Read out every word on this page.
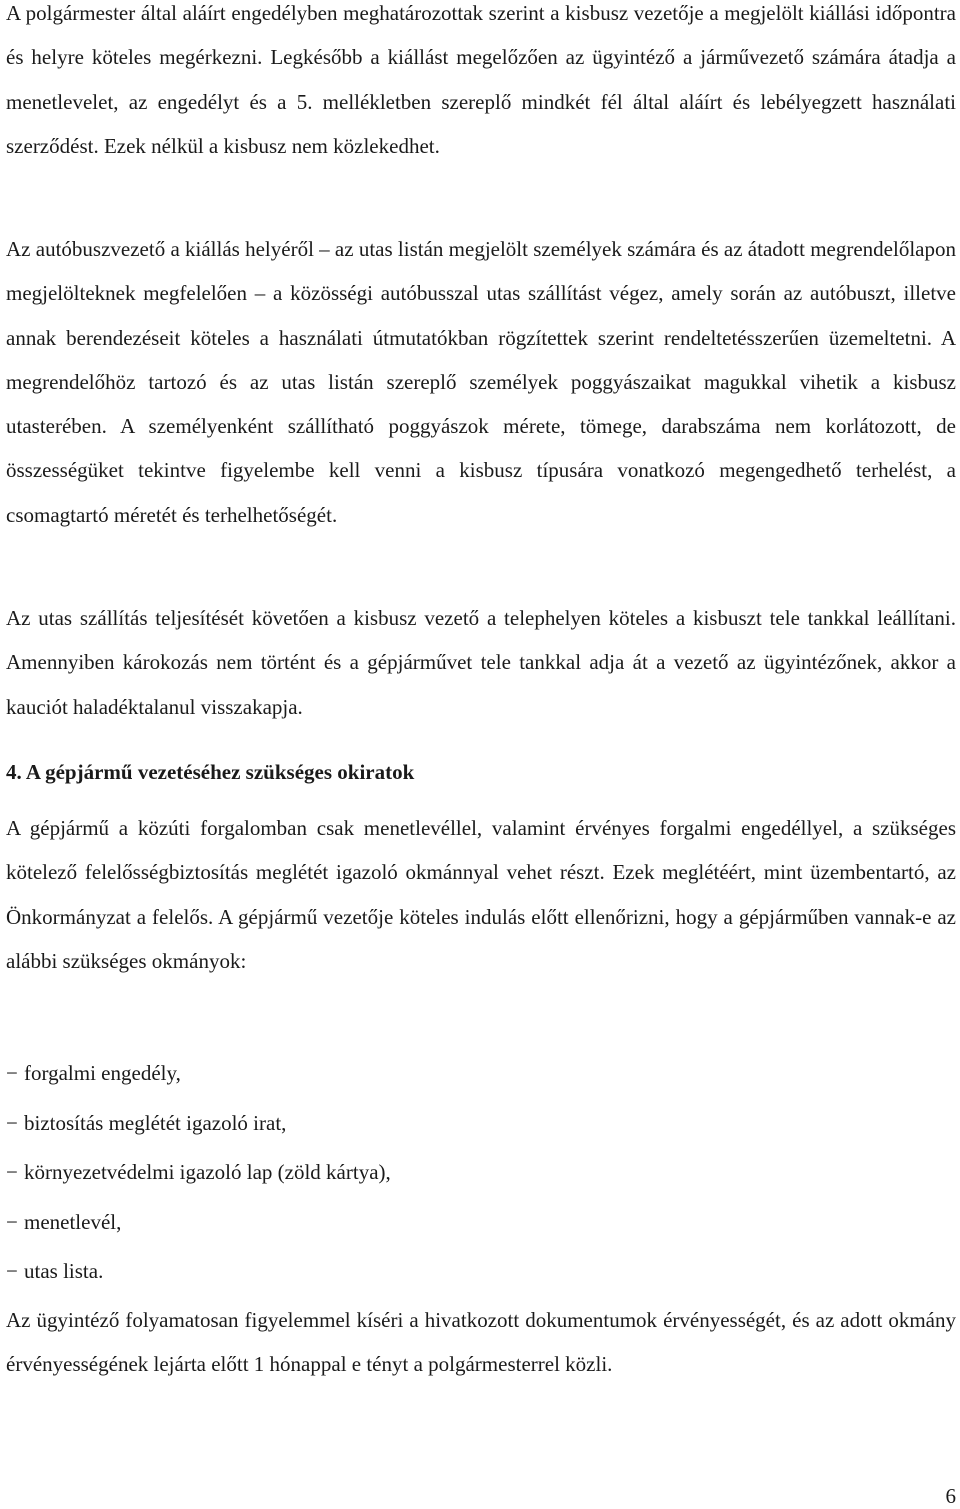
A polgármester által aláírt engedélyben meghatározottak szerint a kisbusz vezetője a megjelölt kiállási időpontra és helyre köteles megérkezni. Legkésőbb a kiállást megelőzően az ügyintéző a járművezető számára átadja a menetlevelet, az engedélyt és a 5. mellékletben szereplő mindkét fél által aláírt és lebélyegzett használati szerződést. Ezek nélkül a kisbusz nem közlekedhet.

Az autóbuszvezető a kiállás helyéről – az utas listán megjelölt személyek számára és az átadott megrendelőlapon megjelölteknek megfelelően – a közösségi autóbusszal utas szállítást végez, amely során az autóbuszt, illetve annak berendezéseit köteles a használati útmutatókban rögzítettek szerint rendeltetésszerűen üzemeltetni. A megrendelőhöz tartozó és az utas listán szereplő személyek poggyászaikat magukkal vihetik a kisbusz utasterében. A személyenként szállítható poggyászok mérete, tömege, darabszáma nem korlátozott, de összességüket tekintve figyelembe kell venni a kisbusz típusára vonatkozó megengedhető terhelést, a csomagtartó méretét és terhelhetőségét.

Az utas szállítás teljesítését követően a kisbusz vezető a telephelyen köteles a kisbuszt tele tankkal leállítani. Amennyiben károkozás nem történt és a gépjárművet tele tankkal adja át a vezető az ügyintézőnek, akkor a kauciót haladéktalanul visszakapja.

4. A gépjármű vezetéséhez szükséges okiratok

A gépjármű a közúti forgalomban csak menetlevéllel, valamint érvényes forgalmi engedéllyel, a szükséges kötelező felelősségbiztosítás meglétét igazoló okmánnyal vehet részt. Ezek meglétéért, mint üzembentartó, az Önkormányzat a felelős. A gépjármű vezetője köteles indulás előtt ellenőrizni, hogy a gépjárműben vannak-e az alábbi szükséges okmányok:

− forgalmi engedély,
− biztosítás meglétét igazoló irat,
− környezetvédelmi igazoló lap (zöld kártya),
− menetlevél,
− utas lista.

Az ügyintéző folyamatosan figyelemmel kíséri a hivatkozott dokumentumok érvényességét, és az adott okmány érvényességének lejárta előtt 1 hónappal e tényt a polgármesterrel közli.

6
